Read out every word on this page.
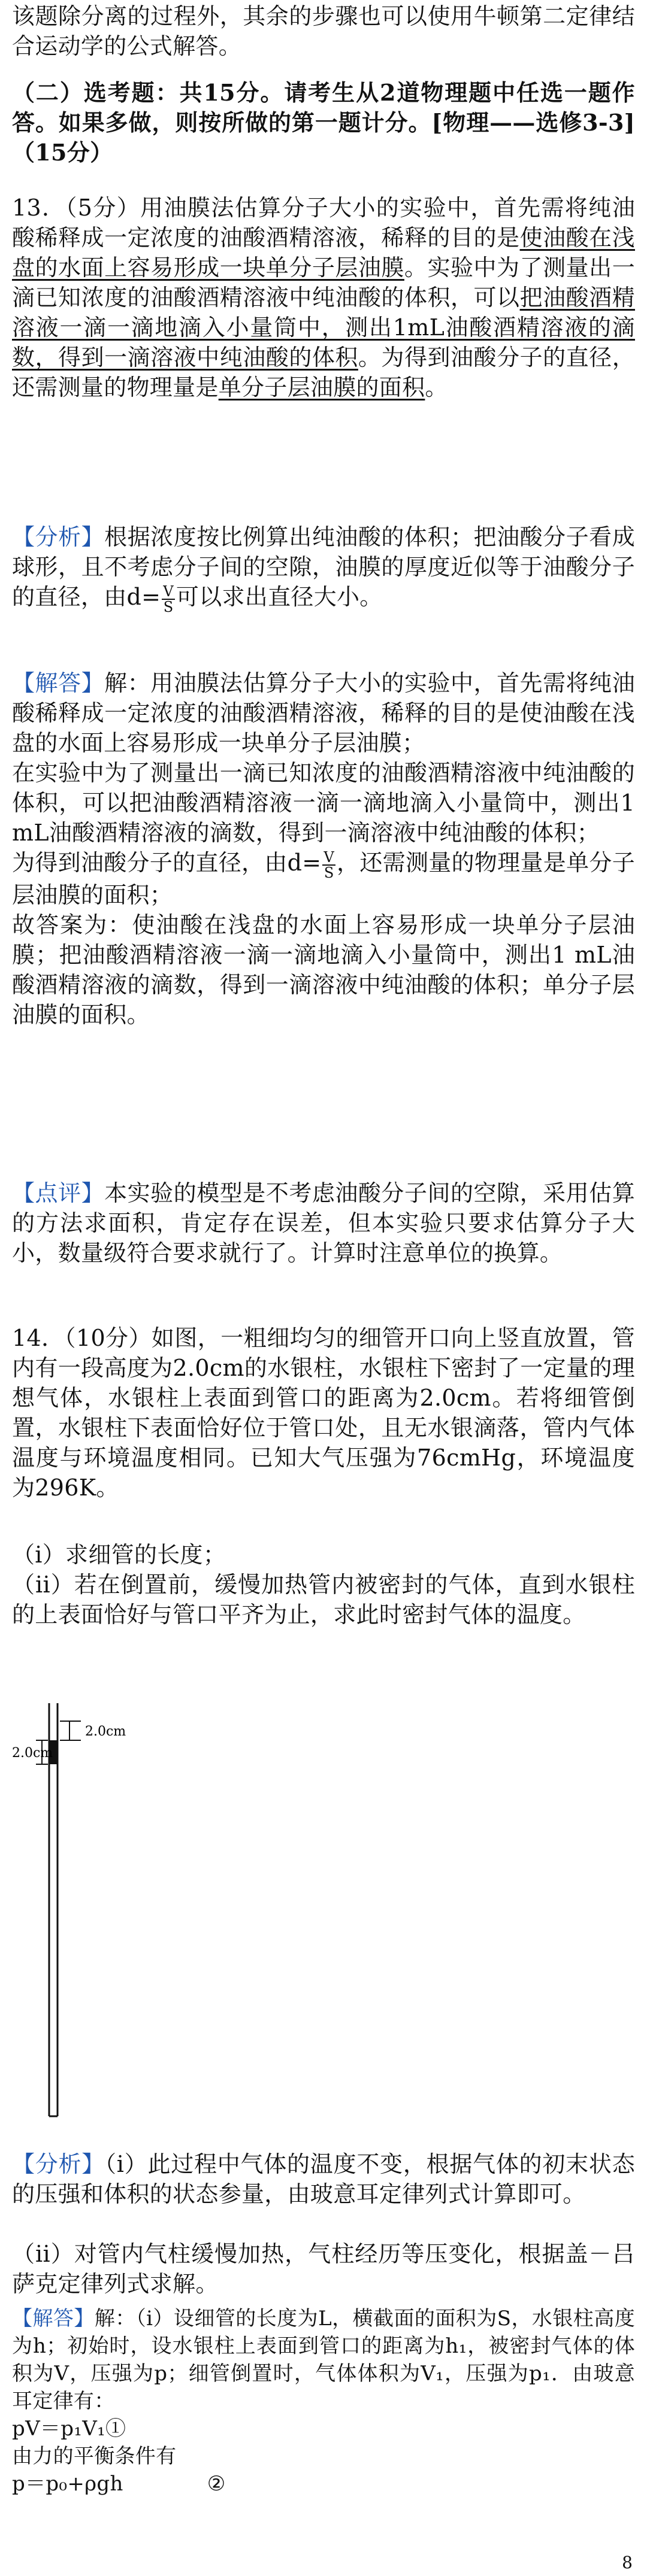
该题除分离的过程外，其余的步骤也可以使用牛顿第二定律结合运动学的公式解答。

（二）选考题：共15分。请考生从2道物理题中任选一题作答。如果多做，则按所做的第一题计分。[物理——选修3-3]（15分）

13．（5分）用油膜法估算分子大小的实验中，首先需将纯油酸稀释成一定浓度的油酸酒精溶液，稀释的目的是使油酸在浅盘的水面上容易形成一块单分子层油膜。实验中为了测量出一滴已知浓度的油酸酒精溶液中纯油酸的体积，可以把油酸酒精溶液一滴一滴地滴入小量筒中，测出1mL油酸酒精溶液的滴数，得到一滴溶液中纯油酸的体积。为得到油酸分子的直径，还需测量的物理量是单分子层油膜的面积。

【分析】根据浓度按比例算出纯油酸的体积；把油酸分子看成球形，且不考虑分子间的空隙，油膜的厚度近似等于油酸分子的直径，由$d= \frac{V}{S}$ 可以求出直径大小。

【解答】解：用油膜法估算分子大小的实验中，首先需将纯油酸稀释成一定浓度的油酸酒精溶液，稀释的目的是使油酸在浅盘的水面上容易形成一块单分子层油膜；
在实验中为了测量出一滴已知浓度的油酸酒精溶液中纯油酸的体积，可以把油酸酒精溶液一滴一滴地滴入小量筒中，测出1 mL油酸酒精溶液的滴数，得到一滴溶液中纯油酸的体积；
为得到油酸分子的直径，由$d= \frac{V}{S}$ ，还需测量的物理量是单分子层油膜的面积；
故答案为：使油酸在浅盘的水面上容易形成一块单分子层油膜；把油酸酒精溶液一滴一滴地滴入小量筒中，测出1 mL油酸酒精溶液的滴数，得到一滴溶液中纯油酸的体积；单分子层油膜的面积。

【点评】本实验的模型是不考虑油酸分子间的空隙，采用估算的方法求面积，肯定存在误差，但本实验只要求估算分子大小，数量级符合要求就行了。计算时注意单位的换算。

14．（10分）如图，一粗细均匀的细管开口向上竖直放置，管内有一段高度为2.0cm的水银柱，水银柱下密封了一定量的理想气体，水银柱上表面到管口的距离为2.0cm。若将细管倒置，水银柱下表面恰好位于管口处，且无水银滴落，管内气体温度与环境温度相同。已知大气压强为76cmHg，环境温度为296K。

（i）求细管的长度；

（ii）若在倒置前，缓慢加热管内被密封的气体，直到水银柱的上表面恰好与管口平齐为止，求此时密封气体的温度。

2.0cm
2.0cm

【分析】（i）此过程中气体的温度不变，根据气体的初末状态的压强和体积的状态参量，由玻意耳定律列式计算即可。

（ii）对管内气柱缓慢加热，气柱经历等压变化，根据盖－吕萨克定律列式求解。

【解答】解：（i）设细管的长度为L，横截面的面积为S，水银柱高度为h；初始时，设水银柱上表面到管口的距离为h₁，被密封气体的体积为V，压强为p；细管倒置时，气体体积为V₁，压强为p₁．由玻意耳定律有：
pV＝p₁V₁①
由力的平衡条件有
p＝p₀+ρgh	②
8
